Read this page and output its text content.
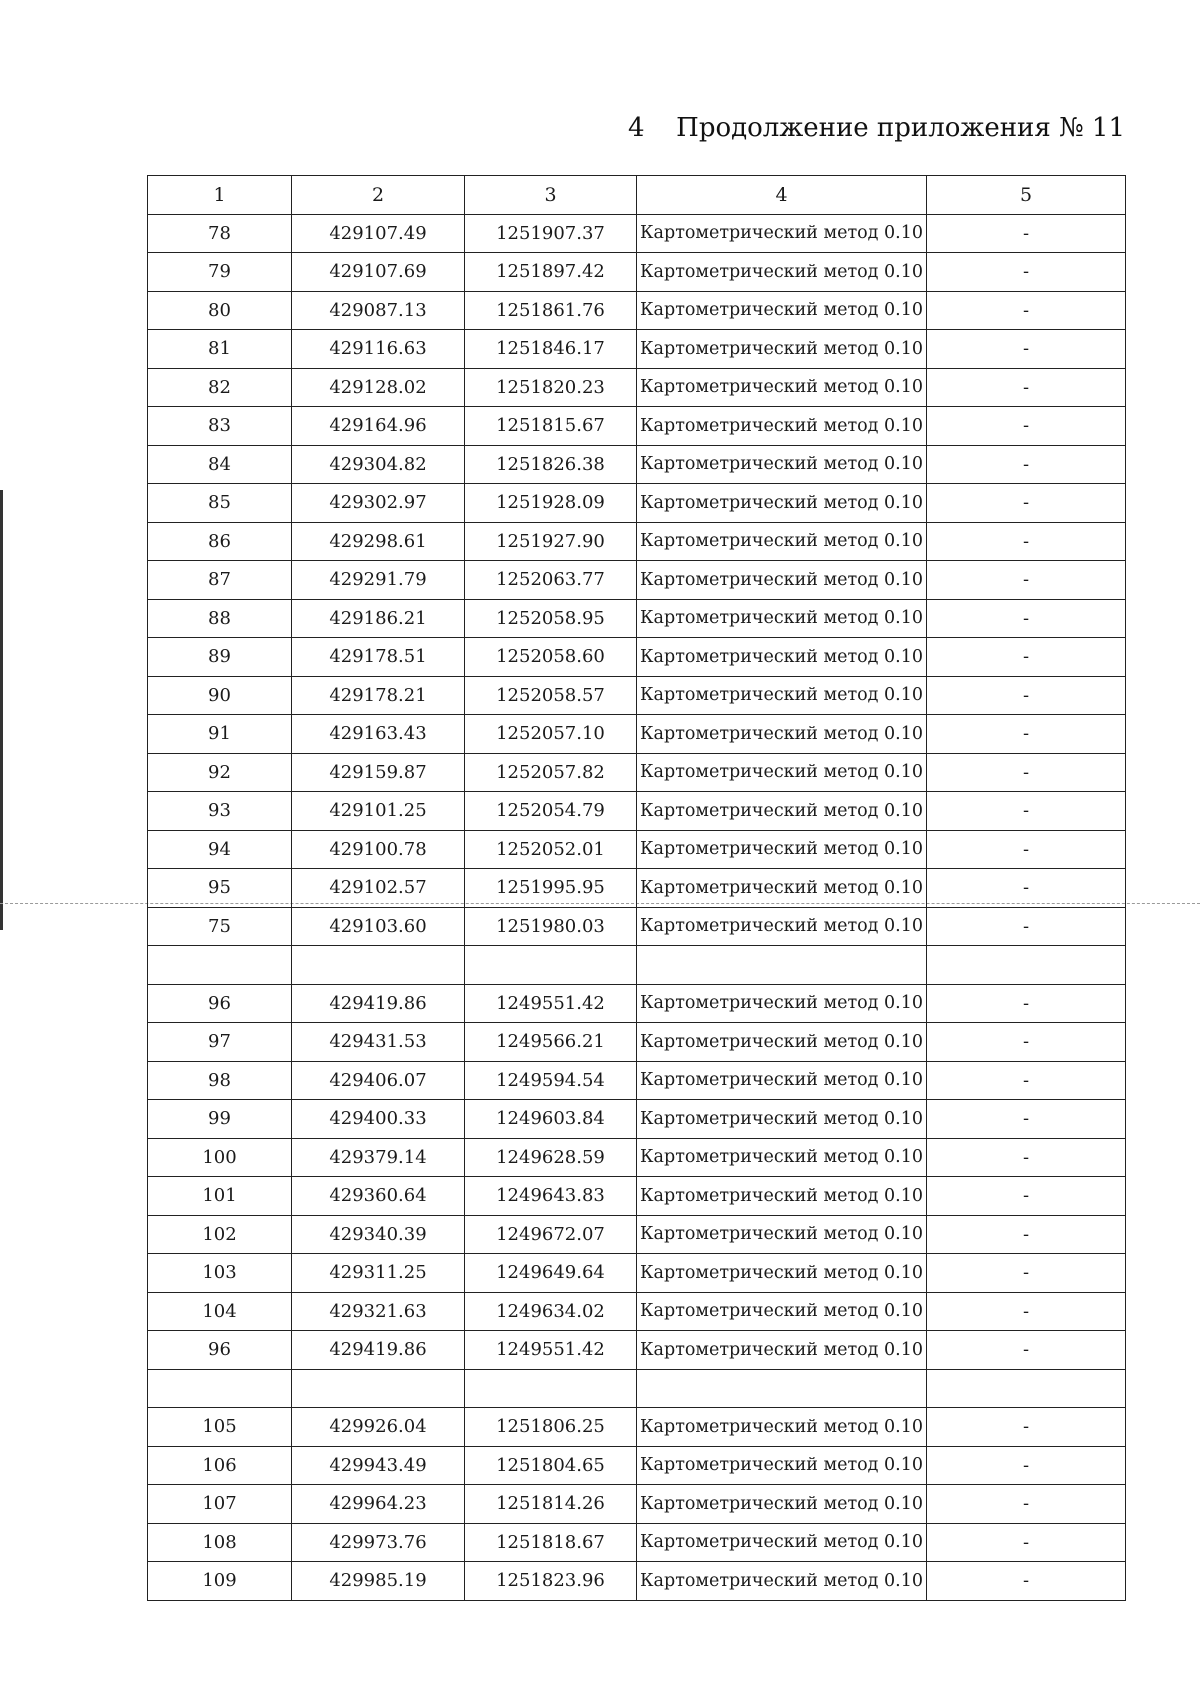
4 Продолжение приложения № 11
1	2	3	4	5
78	429107.49	1251907.37	Картометрический метод 0.10	-
79	429107.69	1251897.42	Картометрический метод 0.10	-
80	429087.13	1251861.76	Картометрический метод 0.10	-
81	429116.63	1251846.17	Картометрический метод 0.10	-
82	429128.02	1251820.23	Картометрический метод 0.10	-
83	429164.96	1251815.67	Картометрический метод 0.10	-
84	429304.82	1251826.38	Картометрический метод 0.10	-
85	429302.97	1251928.09	Картометрический метод 0.10	-
86	429298.61	1251927.90	Картометрический метод 0.10	-
87	429291.79	1252063.77	Картометрический метод 0.10	-
88	429186.21	1252058.95	Картометрический метод 0.10	-
89	429178.51	1252058.60	Картометрический метод 0.10	-
90	429178.21	1252058.57	Картометрический метод 0.10	-
91	429163.43	1252057.10	Картометрический метод 0.10	-
92	429159.87	1252057.82	Картометрический метод 0.10	-
93	429101.25	1252054.79	Картометрический метод 0.10	-
94	429100.78	1252052.01	Картометрический метод 0.10	-
95	429102.57	1251995.95	Картометрический метод 0.10	-
75	429103.60	1251980.03	Картометрический метод 0.10	-

96	429419.86	1249551.42	Картометрический метод 0.10	-
97	429431.53	1249566.21	Картометрический метод 0.10	-
98	429406.07	1249594.54	Картометрический метод 0.10	-
99	429400.33	1249603.84	Картометрический метод 0.10	-
100	429379.14	1249628.59	Картометрический метод 0.10	-
101	429360.64	1249643.83	Картометрический метод 0.10	-
102	429340.39	1249672.07	Картометрический метод 0.10	-
103	429311.25	1249649.64	Картометрический метод 0.10	-
104	429321.63	1249634.02	Картометрический метод 0.10	-
96	429419.86	1249551.42	Картометрический метод 0.10	-

105	429926.04	1251806.25	Картометрический метод 0.10	-
106	429943.49	1251804.65	Картометрический метод 0.10	-
107	429964.23	1251814.26	Картометрический метод 0.10	-
108	429973.76	1251818.67	Картометрический метод 0.10	-
109	429985.19	1251823.96	Картометрический метод 0.10	-
